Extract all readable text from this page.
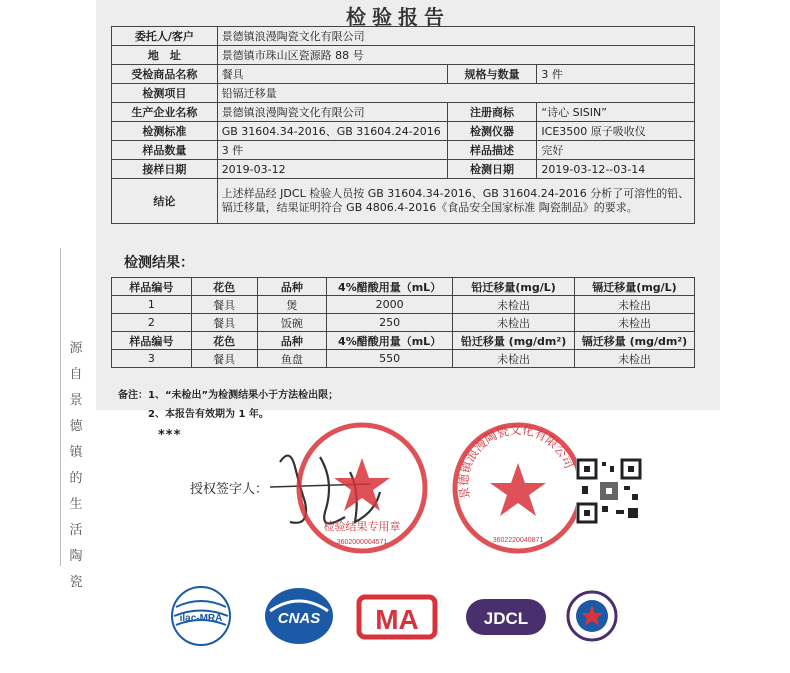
检验报告
委托人/客户	景德镇浪漫陶瓷文化有限公司		
地　址	景德镇市珠山区瓷源路 88 号		
受检商品名称	餐具	规格与数量	3 件
检测项目	铅镉迁移量		
生产企业名称	景德镇浪漫陶瓷文化有限公司	注册商标	“诗心 SISIN”
检测标准	GB 31604.34-2016、GB 31604.24-2016	检测仪器	ICE3500 原子吸收仪
样品数量	3 件	样品描述	完好
接样日期	2019-03-12	检测日期	2019-03-12--03-14
结论	上述样品经 JDCL 检验人员按 GB 31604.34-2016、GB 31604.24-2016 分析了可溶性的铅、镉迁移量，结果证明符合 GB 4806.4-2016《食品安全国家标准 陶瓷制品》的要求。		
检测结果：
样品编号	花色	品种	4%醋酸用量（mL）	铅迁移量(mg/L)	镉迁移量(mg/L)
1	餐具	煲	2000	未检出	未检出
2	餐具	饭碗	250	未检出	未检出
样品编号	花色	品种	4%醋酸用量（mL）	铅迁移量 (mg/dm²)	镉迁移量 (mg/dm²)
3	餐具	鱼盘	550	未检出	未检出
备注：1、“未检出”为检测结果小于方法检出限；
2、本报告有效期为 1 年。
***
授权签字人：
检验结果专用章
3602000004571
景德镇浪漫陶瓷文化有限公司
3602220040871
源
自
景
德
镇
的
生
活
陶
瓷
ilac-MRA	CNAS MA	JDCL
